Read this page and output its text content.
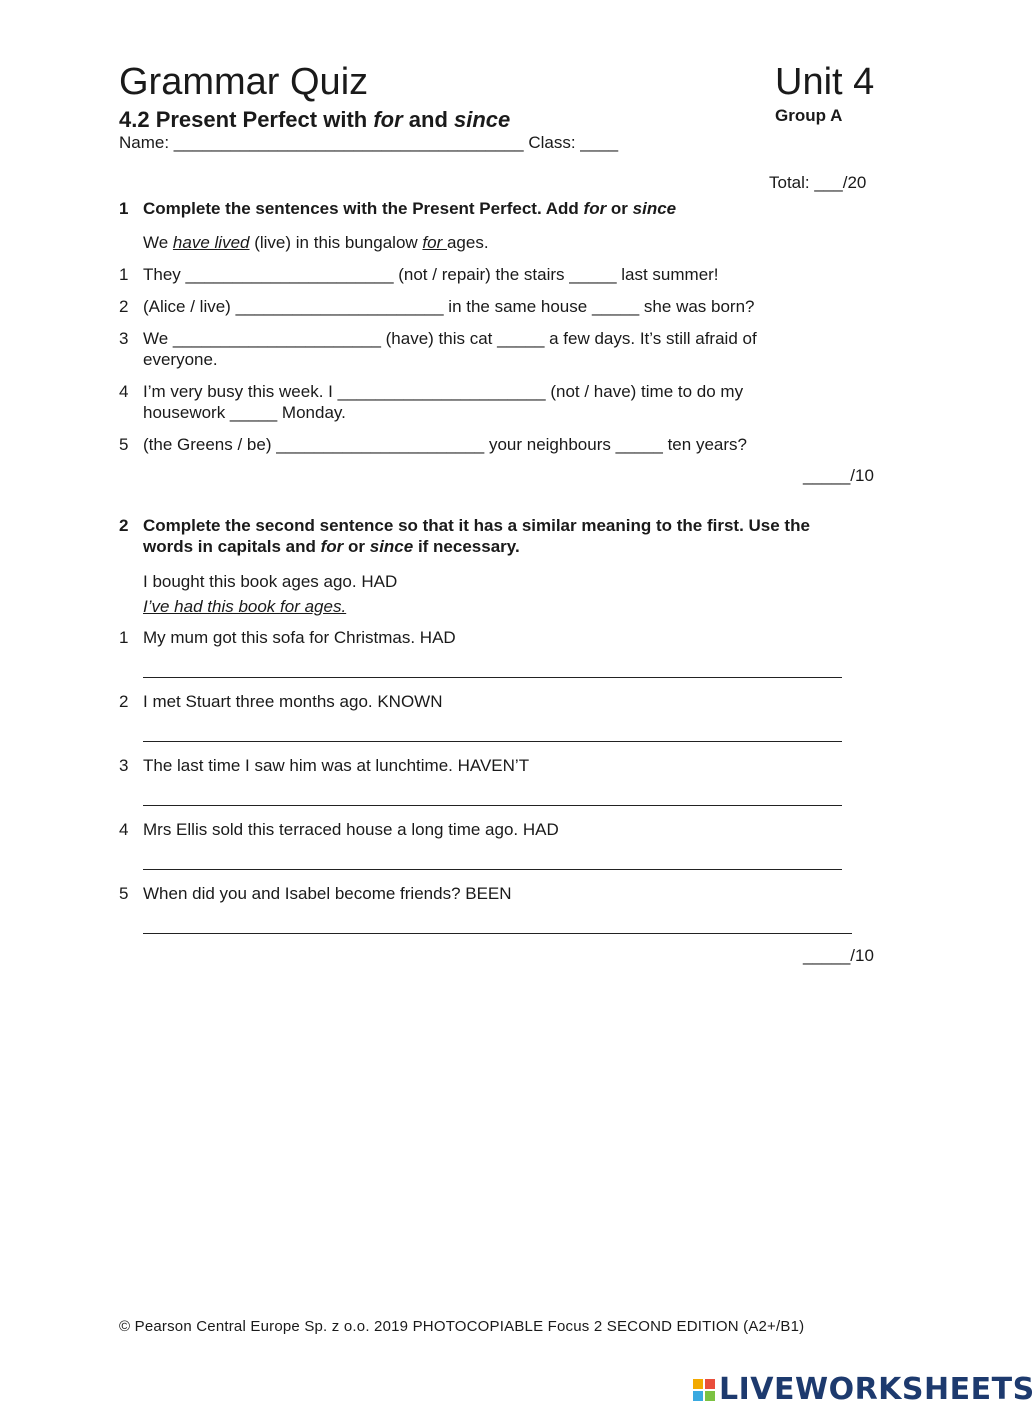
Grammar Quiz	Unit 4
4.2 Present Perfect with for and since	Group A
Name: _____________________________________ Class: ____
Total: ___/20
1 Complete the sentences with the Present Perfect. Add for or since
We have lived (live) in this bungalow for ages.
1 They ______________________ (not / repair) the stairs _____ last summer!
2 (Alice / live) ______________________ in the same house _____ she was born?
3 We ______________________ (have) this cat _____ a few days. It’s still afraid of
everyone.
4 I’m very busy this week. I ______________________ (not / have) time to do my
housework _____ Monday.
5 (the Greens / be) ______________________ your neighbours _____ ten years?
_____/10
2 Complete the second sentence so that it has a similar meaning to the first. Use the
words in capitals and for or since if necessary.
I bought this book ages ago. HAD
I’ve had this book for ages.
1 My mum got this sofa for Christmas. HAD
2 I met Stuart three months ago. KNOWN
3 The last time I saw him was at lunchtime. HAVEN’T
4 Mrs Ellis sold this terraced house a long time ago. HAD
5 When did you and Isabel become friends? BEEN
_____/10
© Pearson Central Europe Sp. z o.o. 2019 PHOTOCOPIABLE Focus 2 SECOND EDITION (A2+/B1)
LIVEWORKSHEETS
